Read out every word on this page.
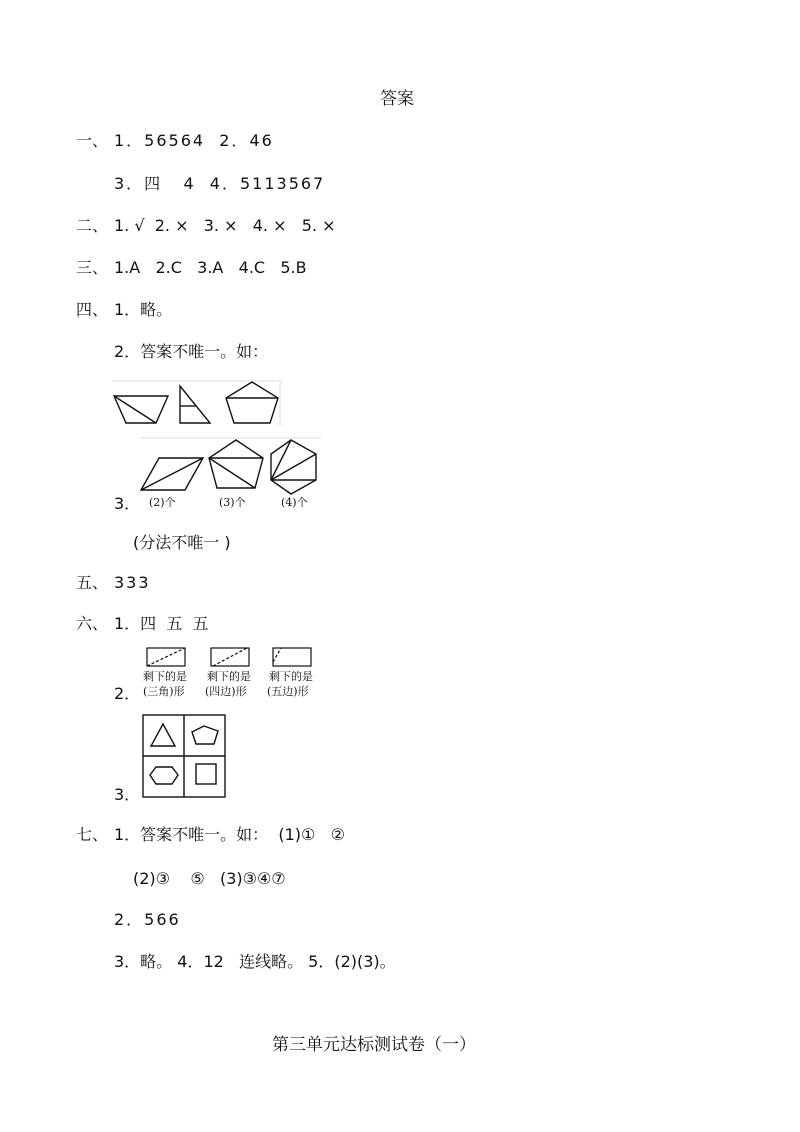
答案
一、 1．56564  2．46
3．四   4  4．5113567
二、 1. √  2. ×   3. ×   4. ×   5. ×
三、 1.A   2.C   3.A   4.C   5.B
四、 1．略。
2．答案不唯一。如：
3． (2)个	(3)个	(4)个
(分法不唯一 )
五、 333
六、 1．四  五  五
2．
剩下的是
(三角)形
剩下的是
(四边)形
剩下的是
(五边)形
3．
七、 1．答案不唯一。如：  (1)①   ②
(2)③    ⑤   (3)③④⑦
2．566
3．略。 4．12   连线略。 5．(2)(3)。
第三单元达标测试卷（一）
